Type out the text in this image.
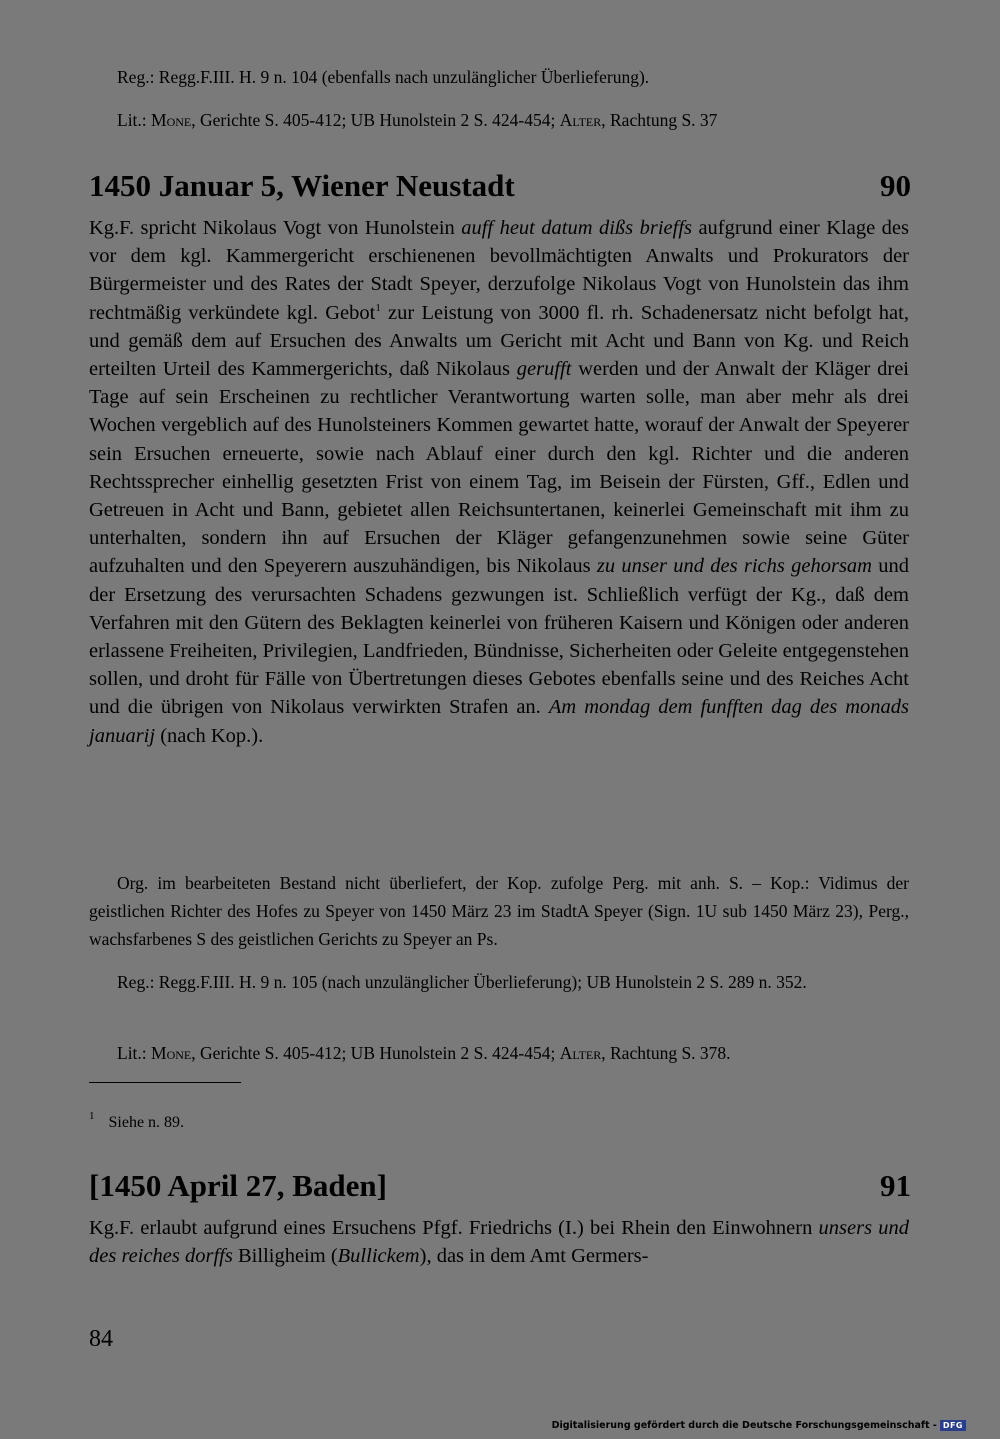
Reg.: Regg.F.III. H. 9 n. 104 (ebenfalls nach unzulänglicher Überlieferung).

Lit.: Mone, Gerichte S. 405-412; UB Hunolstein 2 S. 424-454; Alter, Rachtung S. 37

1450 Januar 5, Wiener Neustadt	90

Kg.F. spricht Nikolaus Vogt von Hunolstein auff heut datum dißs brieffs aufgrund einer Klage des vor dem kgl. Kammergericht erschienenen bevollmächtigten Anwalts und Prokurators der Bürgermeister und des Rates der Stadt Speyer, derzufolge Nikolaus Vogt von Hunolstein das ihm rechtmäßig verkündete kgl. Gebot$^1$ zur Leistung von 3000 fl. rh. Schadenersatz nicht befolgt hat, und gemäß dem auf Ersuchen des Anwalts um Gericht mit Acht und Bann von Kg. und Reich erteilten Urteil des Kammergerichts, daß Nikolaus gerufft werden und der Anwalt der Kläger drei Tage auf sein Erscheinen zu rechtlicher Verantwortung warten solle, man aber mehr als drei Wochen vergeblich auf des Hunolsteiners Kommen gewartet hatte, worauf der Anwalt der Speyerer sein Ersuchen erneuerte, sowie nach Ablauf einer durch den kgl. Richter und die anderen Rechtssprecher einhellig gesetzten Frist von einem Tag, im Beisein der Fürsten, Gff., Edlen und Getreuen in Acht und Bann, gebietet allen Reichsuntertanen, keinerlei Gemeinschaft mit ihm zu unterhalten, sondern ihn auf Ersuchen der Kläger gefangenzunehmen sowie seine Güter aufzuhalten und den Speyerern auszuhändigen, bis Nikolaus zu unser und des richs gehorsam und der Ersetzung des verursachten Schadens gezwungen ist. Schließlich verfügt der Kg., daß dem Verfahren mit den Gütern des Beklagten keinerlei von früheren Kaisern und Königen oder anderen erlassene Freiheiten, Privilegien, Landfrieden, Bündnisse, Sicherheiten oder Geleite entgegenstehen sollen, und droht für Fälle von Übertretungen dieses Gebotes ebenfalls seine und des Reiches Acht und die übrigen von Nikolaus verwirkten Strafen an. Am mondag dem funfften dag des monads januarij (nach Kop.).

Org. im bearbeiteten Bestand nicht überliefert, der Kop. zufolge Perg. mit anh. S. – Kop.: Vidimus der geistlichen Richter des Hofes zu Speyer von 1450 März 23 im StadtA Speyer (Sign. 1U sub 1450 März 23), Perg., wachsfarbenes S des geistlichen Gerichts zu Speyer an Ps.

Reg.: Regg.F.III. H. 9 n. 105 (nach unzulänglicher Überlieferung); UB Hunolstein 2 S. 289 n. 352.

Lit.: Mone, Gerichte S. 405-412; UB Hunolstein 2 S. 424-454; Alter, Rachtung S. 378.

$^1$ Siehe n. 89.
[1450 April 27, Baden]	91

Kg.F. erlaubt aufgrund eines Ersuchens Pfgf. Friedrichs (I.) bei Rhein den Einwohnern unsers und des reiches dorffs Billigheim (Bullickem), das in dem Amt Germers-

84
Digitalisierung gefördert durch die Deutsche Forschungsgemeinschaft - DFG
